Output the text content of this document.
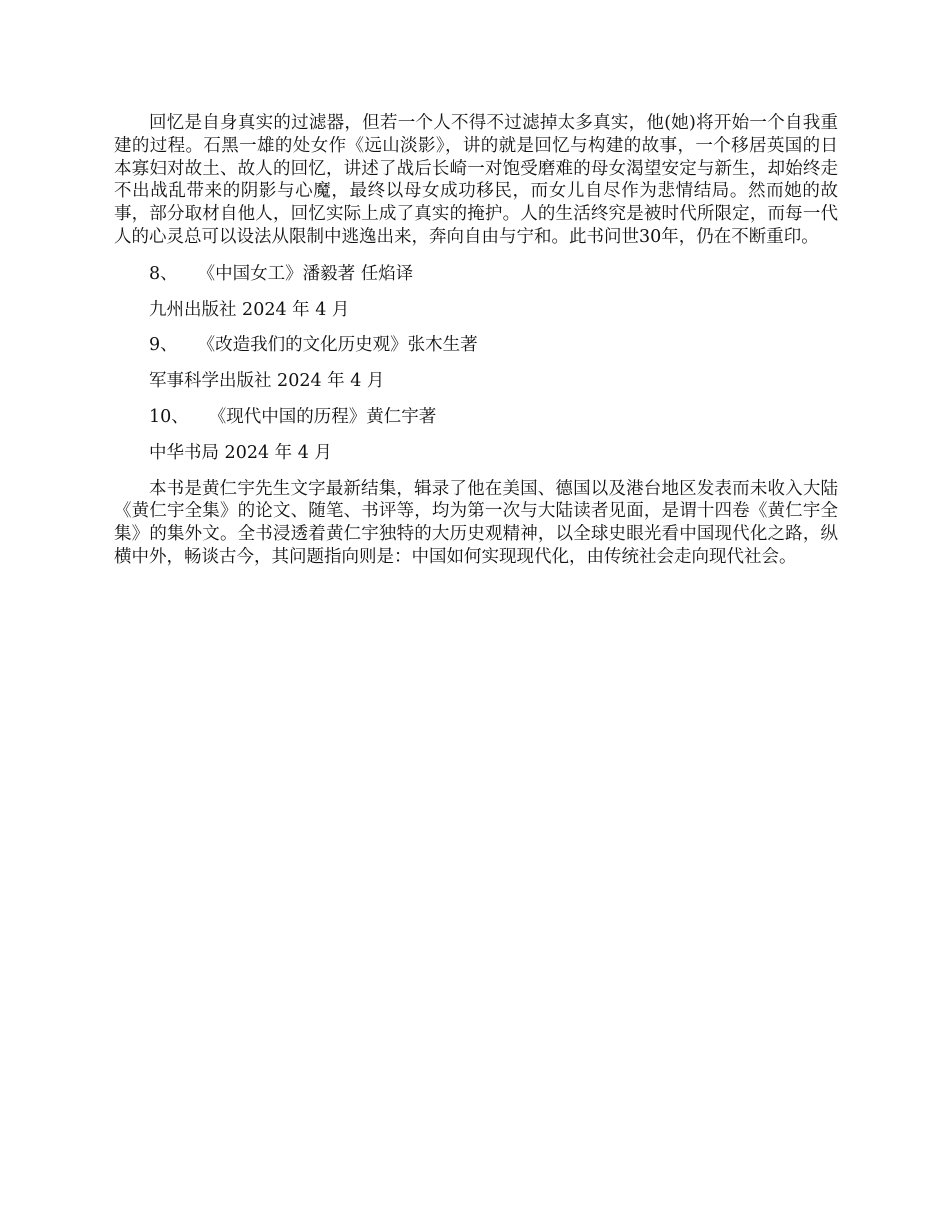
回忆是自身真实的过滤器，但若一个人不得不过滤掉太多真实，他(她)将开始一个自我重建的过程。石黑一雄的处女作《远山淡影》，讲的就是回忆与构建的故事，一个移居英国的日本寡妇对故土、故人的回忆，讲述了战后长崎一对饱受磨难的母女渴望安定与新生，却始终走不出战乱带来的阴影与心魔，最终以母女成功移民，而女儿自尽作为悲情结局。然而她的故事，部分取材自他人，回忆实际上成了真实的掩护。人的生活终究是被时代所限定，而每一代人的心灵总可以设法从限制中逃逸出来，奔向自由与宁和。此书问世30年，仍在不断重印。

8、 《中国女工》潘毅著 任焰译

九州出版社 2024 年 4 月

9、 《改造我们的文化历史观》张木生著

军事科学出版社 2024 年 4 月

10、 《现代中国的历程》黄仁宇著

中华书局 2024 年 4 月

本书是黄仁宇先生文字最新结集，辑录了他在美国、德国以及港台地区发表而未收入大陆《黄仁宇全集》的论文、随笔、书评等，均为第一次与大陆读者见面，是谓十四卷《黄仁宇全集》的集外文。全书浸透着黄仁宇独特的大历史观精神，以全球史眼光看中国现代化之路，纵横中外，畅谈古今，其问题指向则是：中国如何实现现代化，由传统社会走向现代社会。
